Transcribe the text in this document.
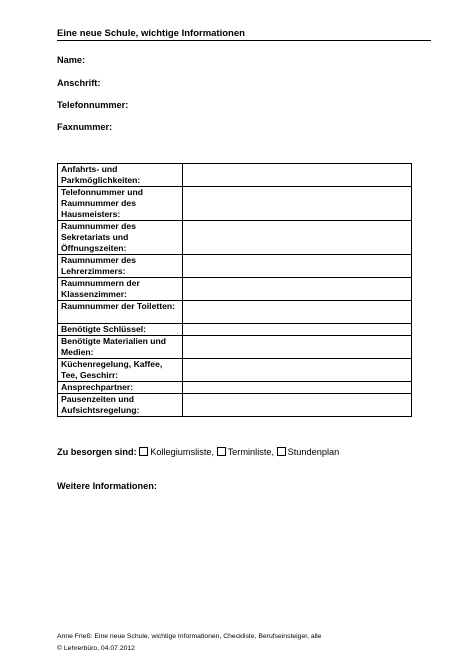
Eine neue Schule, wichtige Informationen
Name:
Anschrift:
Telefonnummer:
Faxnummer:
Anfahrts- und Parkmöglichkeiten:	
Telefonnummer und Raumnummer des Hausmeisters:	
Raumnummer des Sekretariats und Öffnungszeiten:	
Raumnummer des Lehrerzimmers:	
Raumnummern der Klassenzimmer:	
Raumnummer der Toiletten:	
Benötigte Schlüssel:	
Benötigte Materialien und Medien:	
Küchenregelung, Kaffee, Tee, Geschirr:	
Ansprechpartner:	
Pausenzeiten und Aufsichtsregelung:	
Zu besorgen sind: Kollegiumsliste, Terminliste, Stundenplan
Weitere Informationen:
Anne Frieß: Eine neue Schule, wichtige Informationen, Checkliste, Berufseinsteiger, alle
© Lehrerbüro, 04.07.2012
